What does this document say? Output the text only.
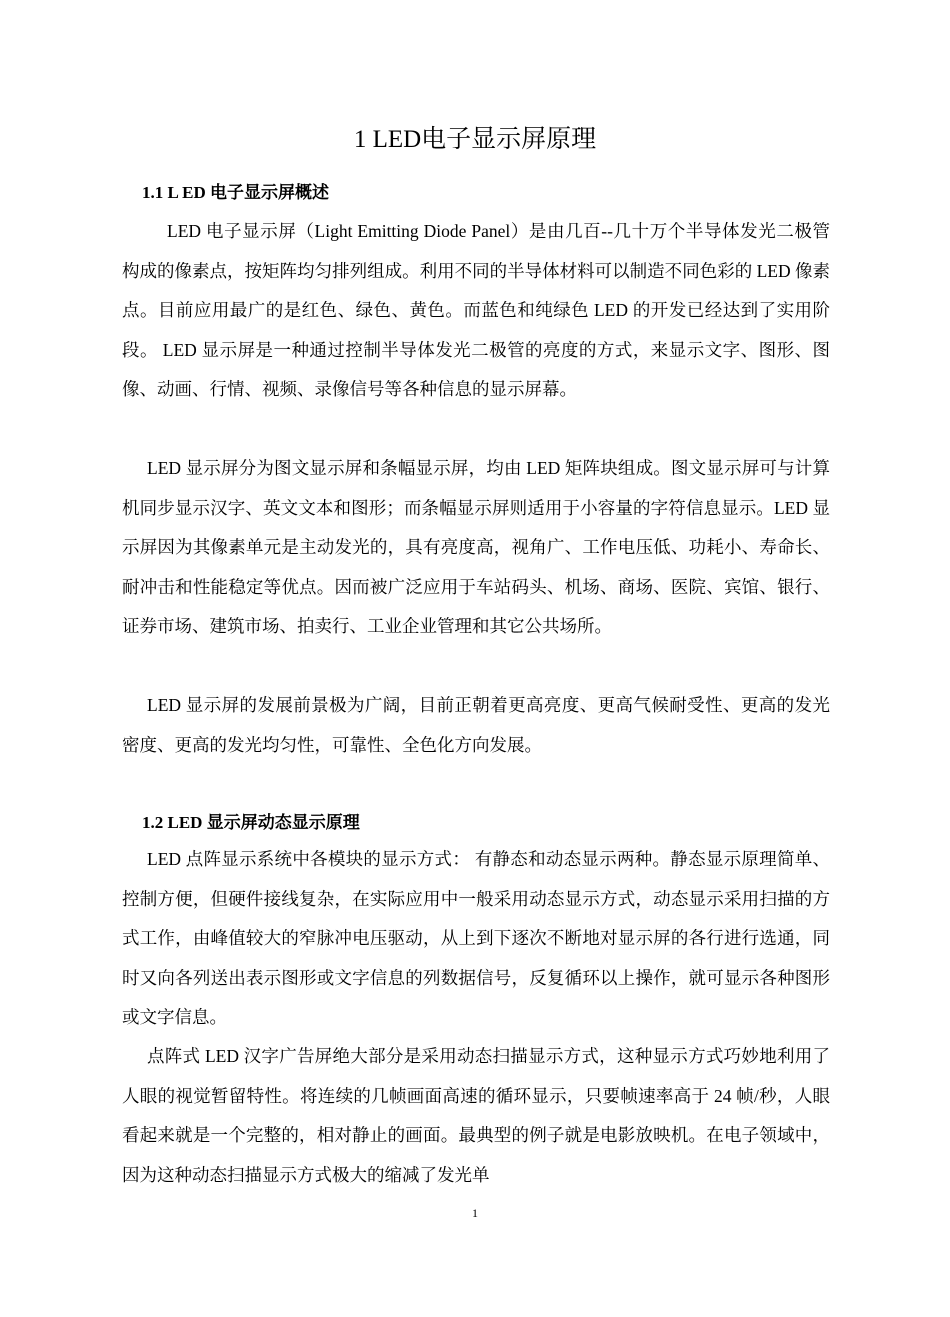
1 LED电子显示屏原理
1.1 L ED 电子显示屏概述

LED 电子显示屏（Light Emitting Diode Panel）是由几百--几十万个半导体发光二极管构成的像素点，按矩阵均匀排列组成。利用不同的半导体材料可以制造不同色彩的 LED 像素点。目前应用最广的是红色、绿色、黄色。而蓝色和纯绿色 LED 的开发已经达到了实用阶段。 LED 显示屏是一种通过控制半导体发光二极管的亮度的方式，来显示文字、图形、图像、动画、行情、视频、录像信号等各种信息的显示屏幕。

LED 显示屏分为图文显示屏和条幅显示屏，均由 LED 矩阵块组成。图文显示屏可与计算机同步显示汉字、英文文本和图形；而条幅显示屏则适用于小容量的字符信息显示。LED 显示屏因为其像素单元是主动发光的，具有亮度高，视角广、工作电压低、功耗小、寿命长、耐冲击和性能稳定等优点。因而被广泛应用于车站码头、机场、商场、医院、宾馆、银行、证券市场、建筑市场、拍卖行、工业企业管理和其它公共场所。

LED 显示屏的发展前景极为广阔，目前正朝着更高亮度、更高气候耐受性、更高的发光密度、更高的发光均匀性，可靠性、全色化方向发展。

1.2 LED 显示屏动态显示原理

LED 点阵显示系统中各模块的显示方式： 有静态和动态显示两种。静态显示原理简单、控制方便，但硬件接线复杂，在实际应用中一般采用动态显示方式，动态显示采用扫描的方式工作，由峰值较大的窄脉冲电压驱动，从上到下逐次不断地对显示屏的各行进行选通，同时又向各列送出表示图形或文字信息的列数据信号，反复循环以上操作，就可显示各种图形或文字信息。

点阵式 LED 汉字广告屏绝大部分是采用动态扫描显示方式，这种显示方式巧妙地利用了人眼的视觉暂留特性。将连续的几帧画面高速的循环显示，只要帧速率高于 24 帧/秒，人眼看起来就是一个完整的，相对静止的画面。最典型的例子就是电影放映机。在电子领域中，因为这种动态扫描显示方式极大的缩减了发光单

1
